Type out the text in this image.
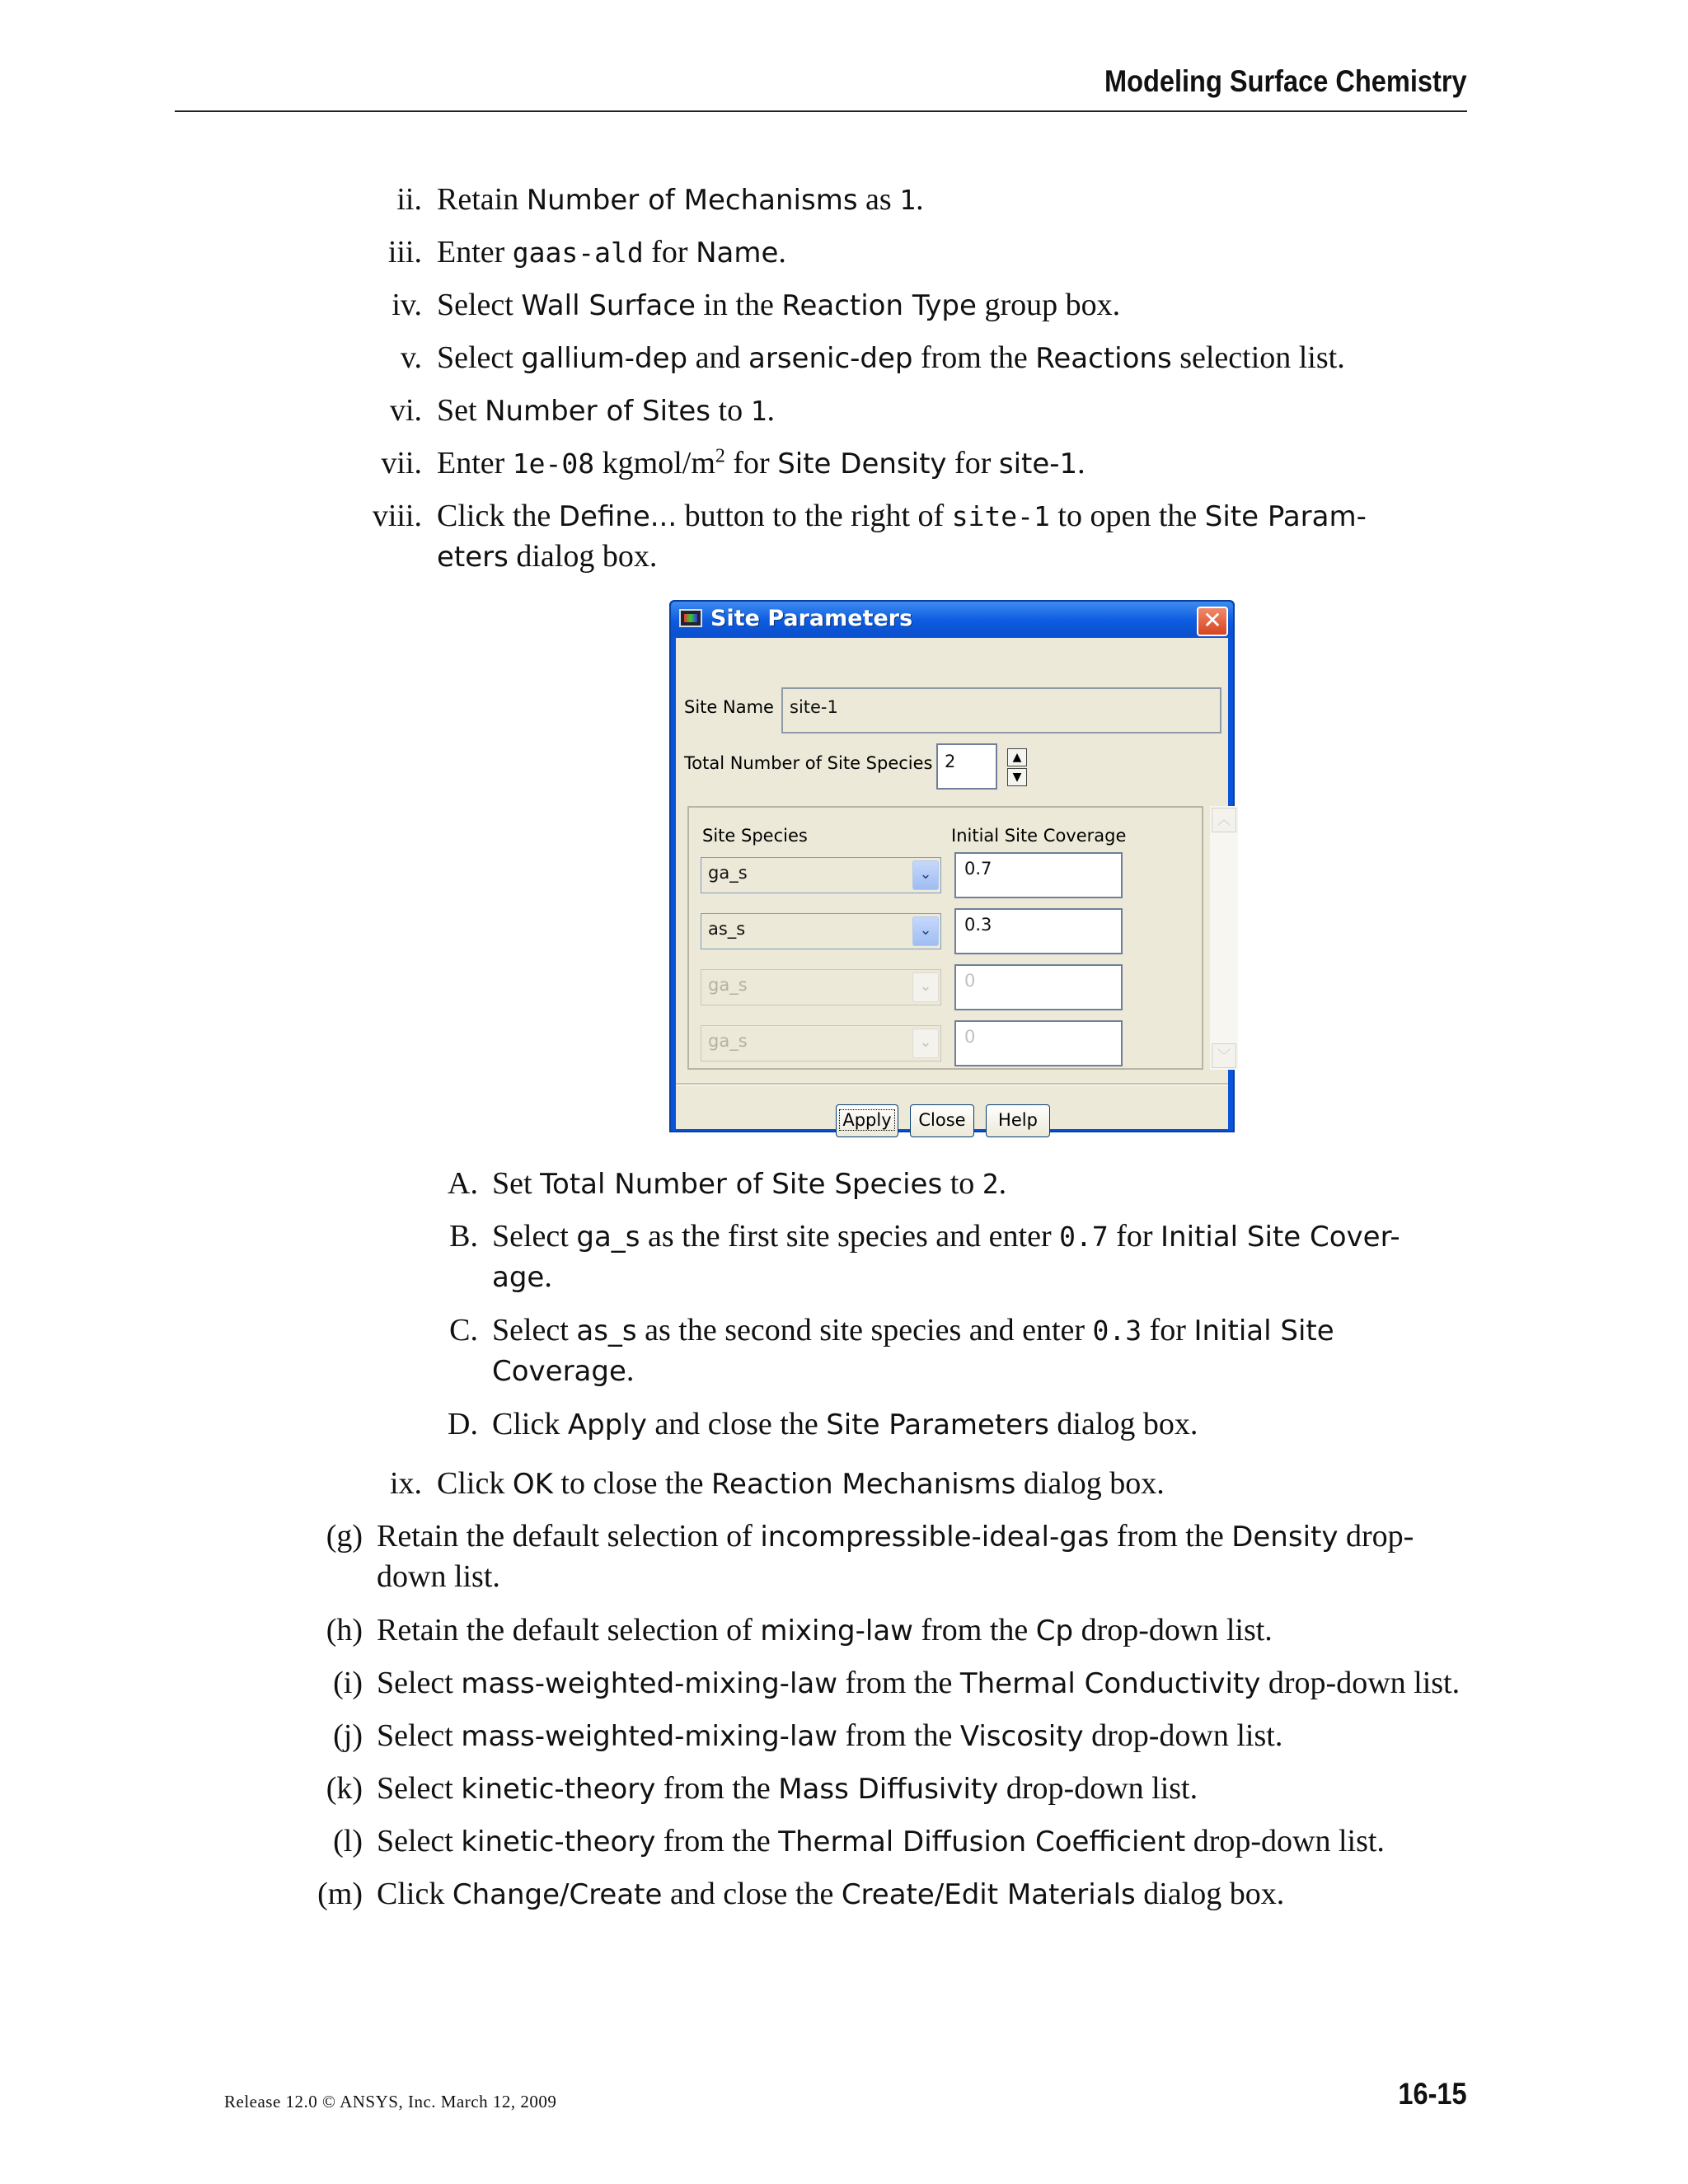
Modeling Surface Chemistry
ii. Retain Number of Mechanisms as 1.
iii. Enter gaas-ald for Name.
iv. Select Wall Surface in the Reaction Type group box.
v. Select gallium-dep and arsenic-dep from the Reactions selection list.
vi. Set Number of Sites to 1.
vii. Enter 1e-08 kgmol/$m^2$ for Site Density for site-1.
viii. Click the Define... button to the right of site-1 to open the Site Param-
eters dialog box.
Site Parameters	✕
Site Name site-1
Total Number of Site Species 2	▲
▼
Site Species	Initial Site Coverage
ga_s	⌄	0.7
as_s	⌄	0.3
ga_s	⌄	0
ga_s	⌄	0
︿
﹀
Apply	Close	Help
A. Set Total Number of Site Species to 2.
B. Select ga_s as the first site species and enter 0.7 for Initial Site Cover-
age.
C. Select as_s as the second site species and enter 0.3 for Initial Site
Coverage.
D. Click Apply and close the Site Parameters dialog box.
ix. Click OK to close the Reaction Mechanisms dialog box.
(g) Retain the default selection of incompressible-ideal-gas from the Density drop-
down list.
(h) Retain the default selection of mixing-law from the Cp drop-down list.
(i) Select mass-weighted-mixing-law from the Thermal Conductivity drop-down list.
(j) Select mass-weighted-mixing-law from the Viscosity drop-down list.
(k) Select kinetic-theory from the Mass Diffusivity drop-down list.
(l) Select kinetic-theory from the Thermal Diffusion Coefficient drop-down list.
(m) Click Change/Create and close the Create/Edit Materials dialog box.
Release 12.0 © ANSYS, Inc. March 12, 2009	16-15
